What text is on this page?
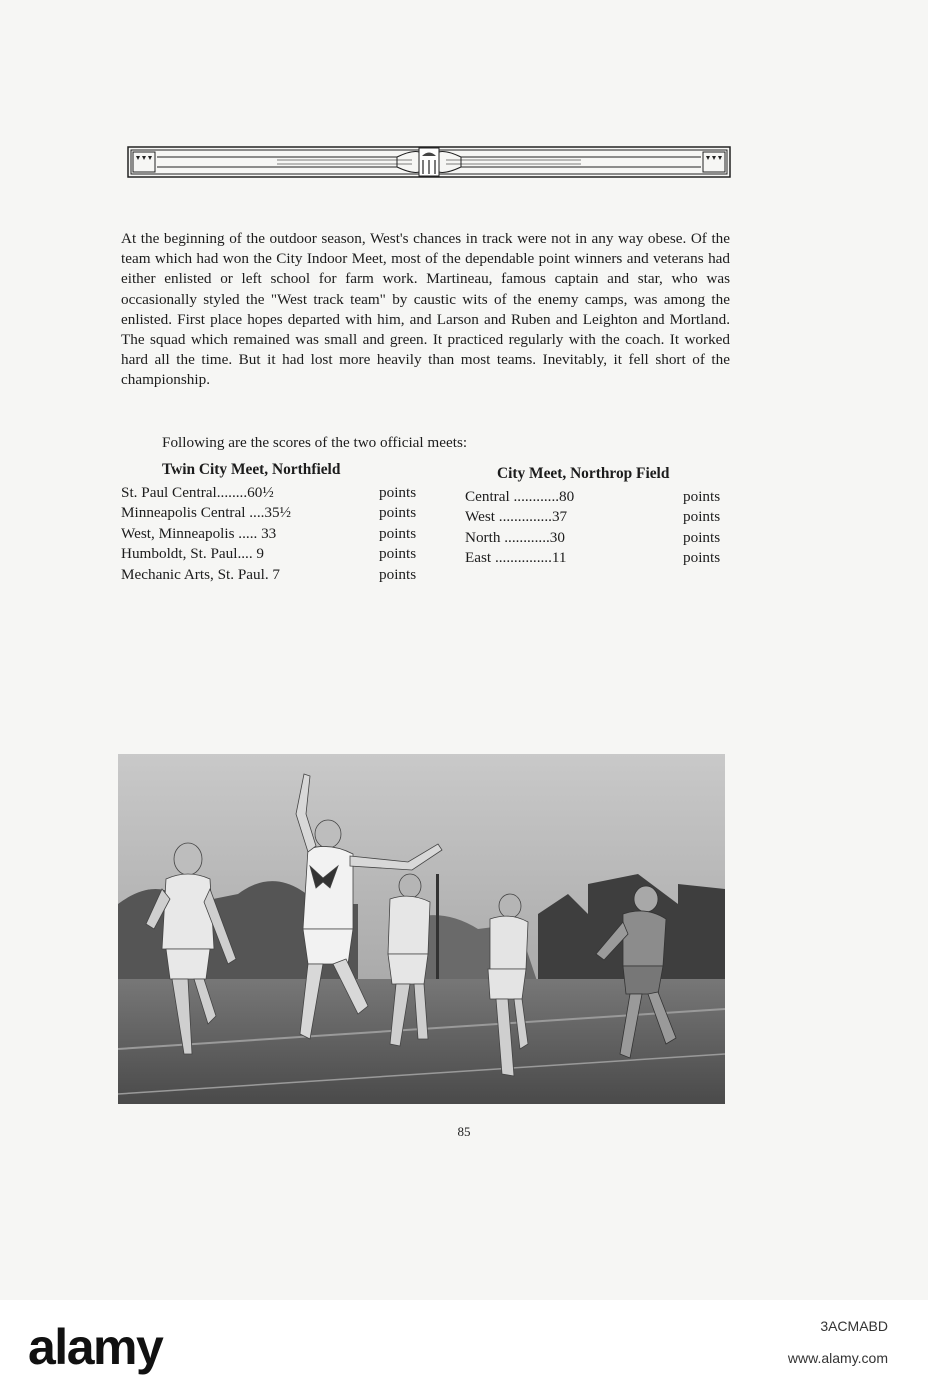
At the beginning of the outdoor season, West's chances in track were not in any way obese. Of the team which had won the City Indoor Meet, most of the dependable point winners and veterans had either enlisted or left school for farm work. Martineau, famous captain and star, who was occasionally styled the "West track team" by caustic wits of the enemy camps, was among the enlisted. First place hopes departed with him, and Larson and Ruben and Leighton and Mortland. The squad which remained was small and green. It practiced regularly with the coach. It worked hard all the time. But it had lost more heavily than most teams. Inevitably, it fell short of the championship.

Following are the scores of the two official meets:

Twin City Meet, Northfield
St. Paul Central........60½	points
Minneapolis Central ....35½	points
West, Minneapolis ..... 33	points
Humboldt, St. Paul.... 9	points
Mechanic Arts, St. Paul. 7	points
City Meet, Northrop Field
Central ............80	points
West ..............37	points
North ............30	points
East ...............11	points
85
alamy	3ACMABD
www.alamy.com
